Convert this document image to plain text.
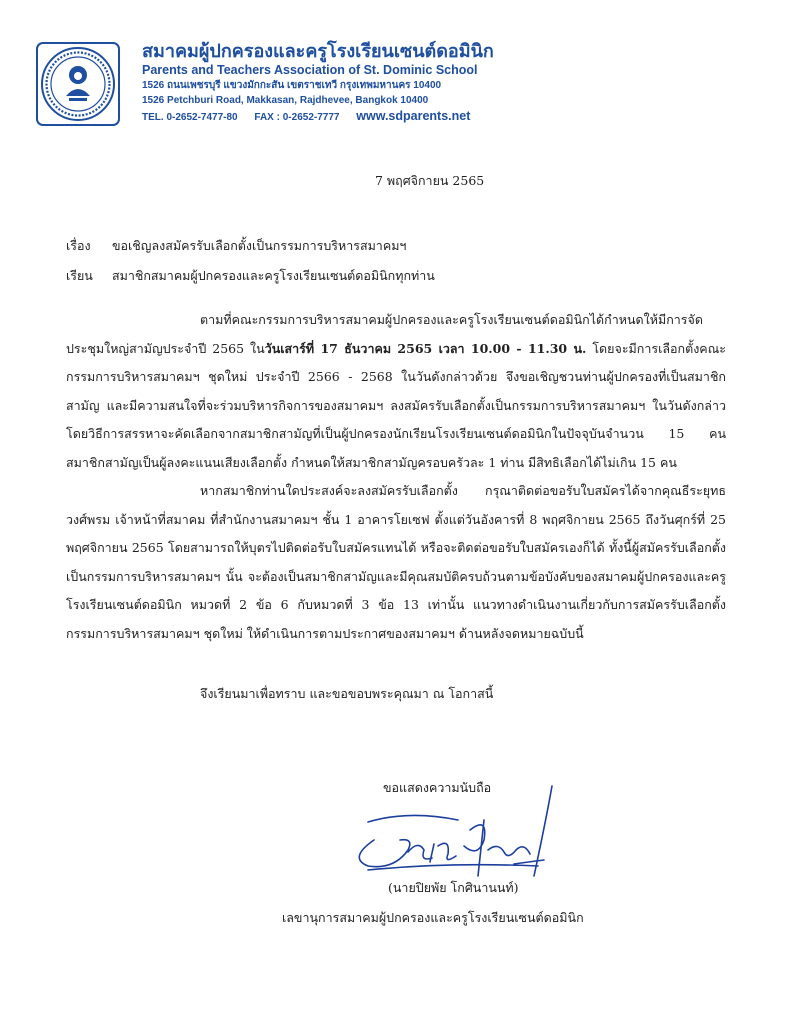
สมาคมผู้ปกครองและครูโรงเรียนเซนต์ดอมินิก
Parents and Teachers Association of St. Dominic School
1526 ถนนเพชรบุรี แขวงมักกะสัน เขตราชเทวี กรุงเทพมหานคร 10400
1526 Petchburi Road, Makkasan, Rajdhevee, Bangkok 10400
TEL. 0-2652-7477-80 FAX : 0-2652-7777 www.sdparents.net
7 พฤศจิกายน 2565
เรื่อง ขอเชิญลงสมัครรับเลือกตั้งเป็นกรรมการบริหารสมาคมฯ
เรียน สมาชิกสมาคมผู้ปกครองและครูโรงเรียนเซนต์ดอมินิกทุกท่าน

ตามที่คณะกรรมการบริหารสมาคมผู้ปกครองและครูโรงเรียนเซนต์ดอมินิกได้กำหนดให้มีการจัดประชุมใหญ่สามัญประจำปี 2565 ในวันเสาร์ที่ 17 ธันวาคม 2565 เวลา 10.00 - 11.30 น. โดยจะมีการเลือกตั้งคณะกรรมการบริหารสมาคมฯ ชุดใหม่ ประจำปี 2566 - 2568 ในวันดังกล่าวด้วย จึงขอเชิญชวนท่านผู้ปกครองที่เป็นสมาชิกสามัญ และมีความสนใจที่จะร่วมบริหารกิจการของสมาคมฯ ลงสมัครรับเลือกตั้งเป็นกรรมการบริหารสมาคมฯ ในวันดังกล่าว โดยวิธีการสรรหาจะคัดเลือกจากสมาชิกสามัญที่เป็นผู้ปกครองนักเรียนโรงเรียนเซนต์ดอมินิกในปัจจุบันจำนวน 15 คน สมาชิกสามัญเป็นผู้ลงคะแนนเสียงเลือกตั้ง กำหนดให้สมาชิกสามัญครอบครัวละ 1 ท่าน มีสิทธิเลือกได้ไม่เกิน 15 คน

หากสมาชิกท่านใดประสงค์จะลงสมัครรับเลือกตั้ง กรุณาติดต่อขอรับใบสมัครได้จากคุณธีระยุทธ วงศ์พรม เจ้าหน้าที่สมาคม ที่สำนักงานสมาคมฯ ชั้น 1 อาคารโยเซฟ ตั้งแต่วันอังคารที่ 8 พฤศจิกายน 2565 ถึงวันศุกร์ที่ 25 พฤศจิกายน 2565 โดยสามารถให้บุตรไปติดต่อรับใบสมัครแทนได้ หรือจะติดต่อขอรับใบสมัครเองก็ได้ ทั้งนี้ผู้สมัครรับเลือกตั้งเป็นกรรมการบริหารสมาคมฯ นั้น จะต้องเป็นสมาชิกสามัญและมีคุณสมบัติครบถ้วนตามข้อบังคับของสมาคมผู้ปกครองและครูโรงเรียนเซนต์ดอมินิก หมวดที่ 2 ข้อ 6 กับหมวดที่ 3 ข้อ 13 เท่านั้น แนวทางดำเนินงานเกี่ยวกับการสมัครรับเลือกตั้งกรรมการบริหารสมาคมฯ ชุดใหม่ ให้ดำเนินการตามประกาศของสมาคมฯ ด้านหลังจดหมายฉบับนี้

จึงเรียนมาเพื่อทราบ และขอขอบพระคุณมา ณ โอกาสนี้
ขอแสดงความนับถือ
(นายปิยพัย โกศินานนท์)
เลขานุการสมาคมผู้ปกครองและครูโรงเรียนเซนต์ดอมินิก
